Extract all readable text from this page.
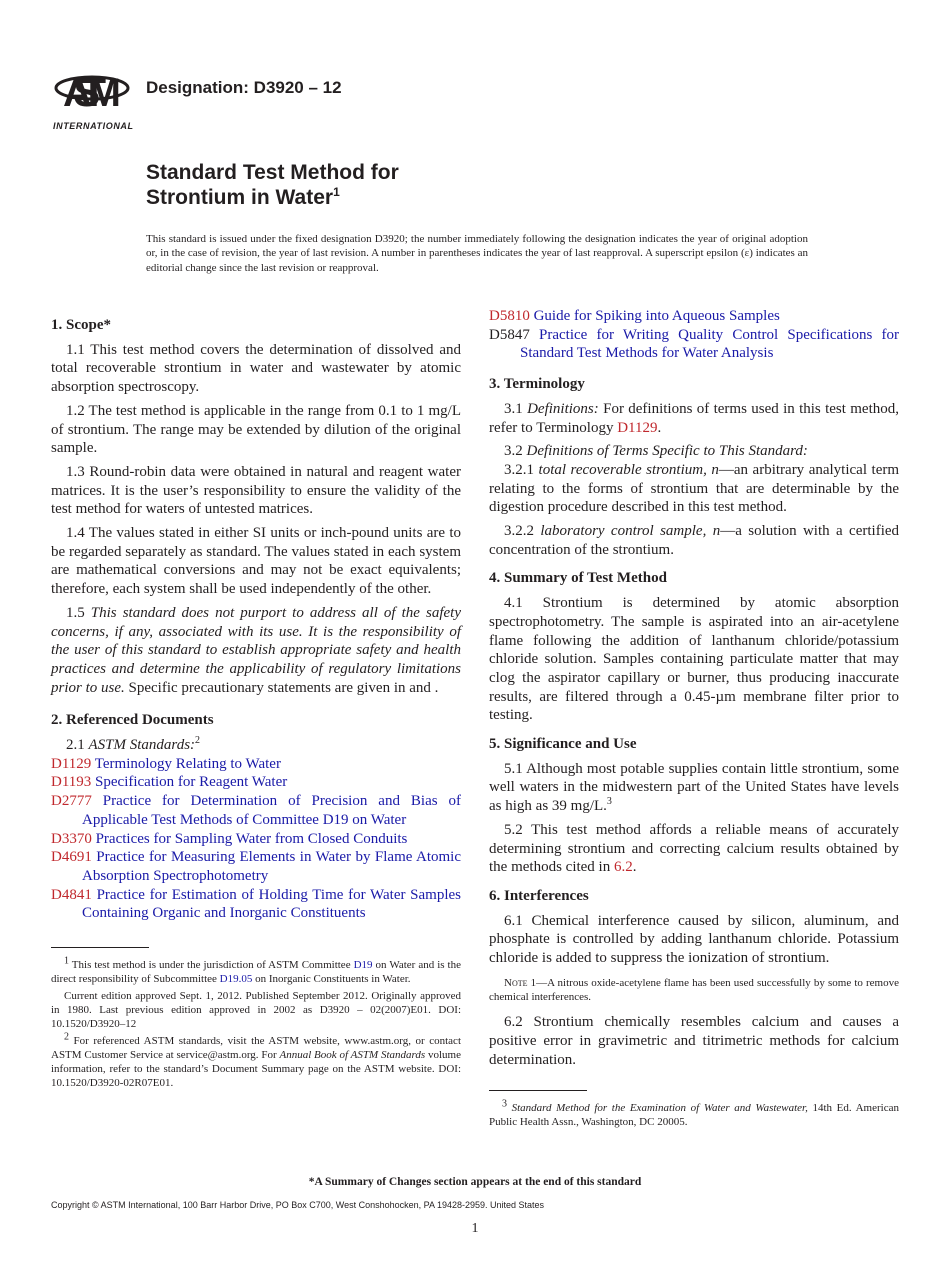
ASTM
INTERNATIONAL
Designation: D3920 – 12
Standard Test Method for
Strontium in Water$^1$
This standard is issued under the fixed designation D3920; the number immediately following the designation indicates the year of original adoption or, in the case of revision, the year of last revision. A number in parentheses indicates the year of last reapproval. A superscript epsilon (ε) indicates an editorial change since the last revision or reapproval.
1. Scope*

1.1 This test method covers the determination of dissolved and total recoverable strontium in water and wastewater by atomic absorption spectroscopy.

1.2 The test method is applicable in the range from 0.1 to 1 mg/L of strontium. The range may be extended by dilution of the original sample.

1.3 Round-robin data were obtained in natural and reagent water matrices. It is the user’s responsibility to ensure the validity of the test method for waters of untested matrices.

1.4 The values stated in either SI units or inch-pound units are to be regarded separately as standard. The values stated in each system are mathematical conversions and may not be exact equivalents; therefore, each system shall be used independently of the other.

1.5 This standard does not purport to address all of the safety concerns, if any, associated with its use. It is the responsibility of the user of this standard to establish appropriate safety and health practices and determine the applicability of regulatory limitations prior to use. Specific precautionary statements are given in and .

2. Referenced Documents

2.1 ASTM Standards:$^2$

D1129 Terminology Relating to Water
D1193 Specification for Reagent Water
D2777 Practice for Determination of Precision and Bias of Applicable Test Methods of Committee D19 on Water
D3370 Practices for Sampling Water from Closed Conduits
D4691 Practice for Measuring Elements in Water by Flame Atomic Absorption Spectrophotometry
D4841 Practice for Estimation of Holding Time for Water Samples Containing Organic and Inorganic Constituents
$^1$ This test method is under the jurisdiction of ASTM Committee D19 on Water and is the direct responsibility of Subcommittee D19.05 on Inorganic Constituents in Water.
Current edition approved Sept. 1, 2012. Published September 2012. Originally approved in 1980. Last previous edition approved in 2002 as D3920 – 02(2007)E01. DOI: 10.1520/D3920–12
$^2$ For referenced ASTM standards, visit the ASTM website, www.astm.org, or contact ASTM Customer Service at service@astm.org. For Annual Book of ASTM Standards volume information, refer to the standard’s Document Summary page on the ASTM website. DOI: 10.1520/D3920-02R07E01.
D5810 Guide for Spiking into Aqueous Samples
D5847 Practice for Writing Quality Control Specifications for Standard Test Methods for Water Analysis
3. Terminology

3.1 Definitions: For definitions of terms used in this test method, refer to Terminology D1129.

3.2 Definitions of Terms Specific to This Standard:

3.2.1 total recoverable strontium, n—an arbitrary analytical term relating to the forms of strontium that are determinable by the digestion procedure described in this test method.

3.2.2 laboratory control sample, n—a solution with a certified concentration of the strontium.

4. Summary of Test Method

4.1 Strontium is determined by atomic absorption spectrophotometry. The sample is aspirated into an air-acetylene flame following the addition of lanthanum chloride/potassium chloride solution. Samples containing particulate matter that may clog the aspirator capillary or burner, thus producing inaccurate results, are filtered through a 0.45-µm membrane filter prior to testing.

5. Significance and Use

5.1 Although most potable supplies contain little strontium, some well waters in the midwestern part of the United States have levels as high as 39 mg/L.$^3$

5.2 This test method affords a reliable means of accurately determining strontium and correcting calcium results obtained by the methods cited in 6.2.

6. Interferences

6.1 Chemical interference caused by silicon, aluminum, and phosphate is controlled by adding lanthanum chloride. Potassium chloride is added to suppress the ionization of strontium.

Note 1—A nitrous oxide-acetylene flame has been used successfully by some to remove chemical interferences.

6.2 Strontium chemically resembles calcium and causes a positive error in gravimetric and titrimetric methods for calcium determination.

$^3$ Standard Method for the Examination of Water and Wastewater, 14th Ed. American Public Health Assn., Washington, DC 20005.
*A Summary of Changes section appears at the end of this standard
Copyright © ASTM International, 100 Barr Harbor Drive, PO Box C700, West Conshohocken, PA 19428-2959. United States
1
